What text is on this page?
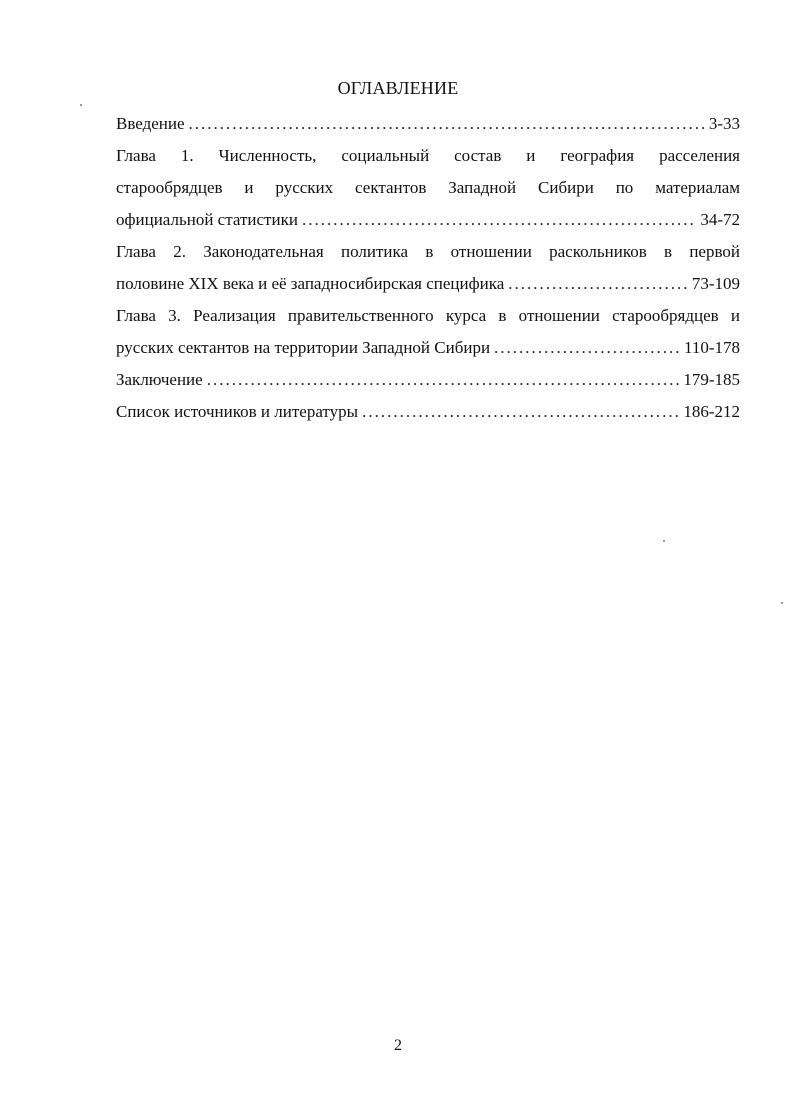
ОГЛАВЛЕНИЕ
Введение .....	3-33
Глава 1. Численность, социальный состав и география расселения
старообрядцев и русских сектантов Западной Сибири по материалам
официальной статистики .....	34-72
Глава 2. Законодательная политика в отношении раскольников в первой
половине XIX века и её западносибирская специфика .....	73-109
Глава 3. Реализация правительственного курса в отношении старообрядцев и
русских сектантов на территории Западной Сибири .....	110-178
Заключение .....	179-185
Список источников и литературы .....	186-212
2
